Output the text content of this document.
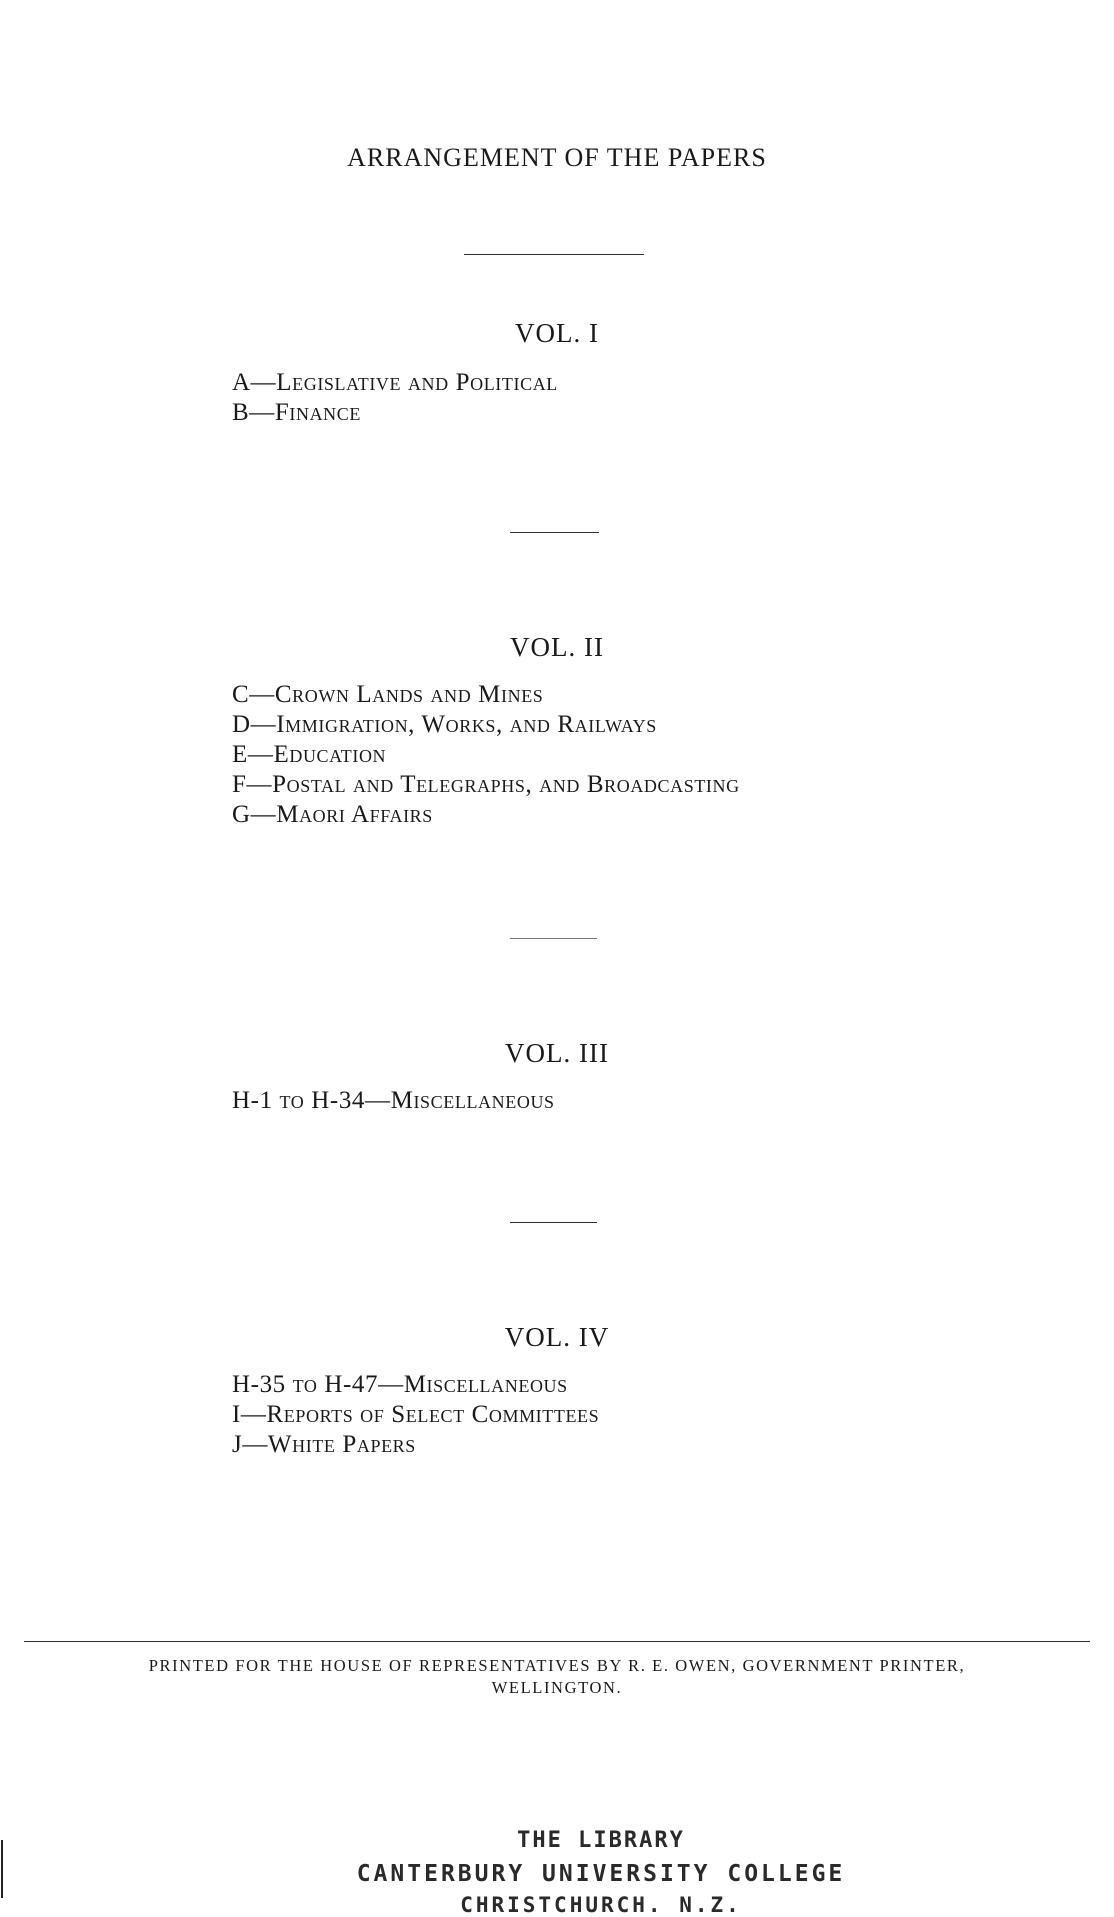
ARRANGEMENT OF THE PAPERS
VOL. I
A—Legislative and Political
B—Finance
VOL. II
C—Crown Lands and Mines
D—Immigration, Works, and Railways
E—Education
F—Postal and Telegraphs, and Broadcasting
G—Maori Affairs
VOL. III
H-1 to H-34—Miscellaneous
VOL. IV
H-35 to H-47—Miscellaneous
I—Reports of Select Committees
J—White Papers
PRINTED FOR THE HOUSE OF REPRESENTATIVES BY R. E. OWEN, GOVERNMENT PRINTER,
WELLINGTON.
THE LIBRARY
CANTERBURY UNIVERSITY COLLEGE
CHRISTCHURCH. N.Z.
